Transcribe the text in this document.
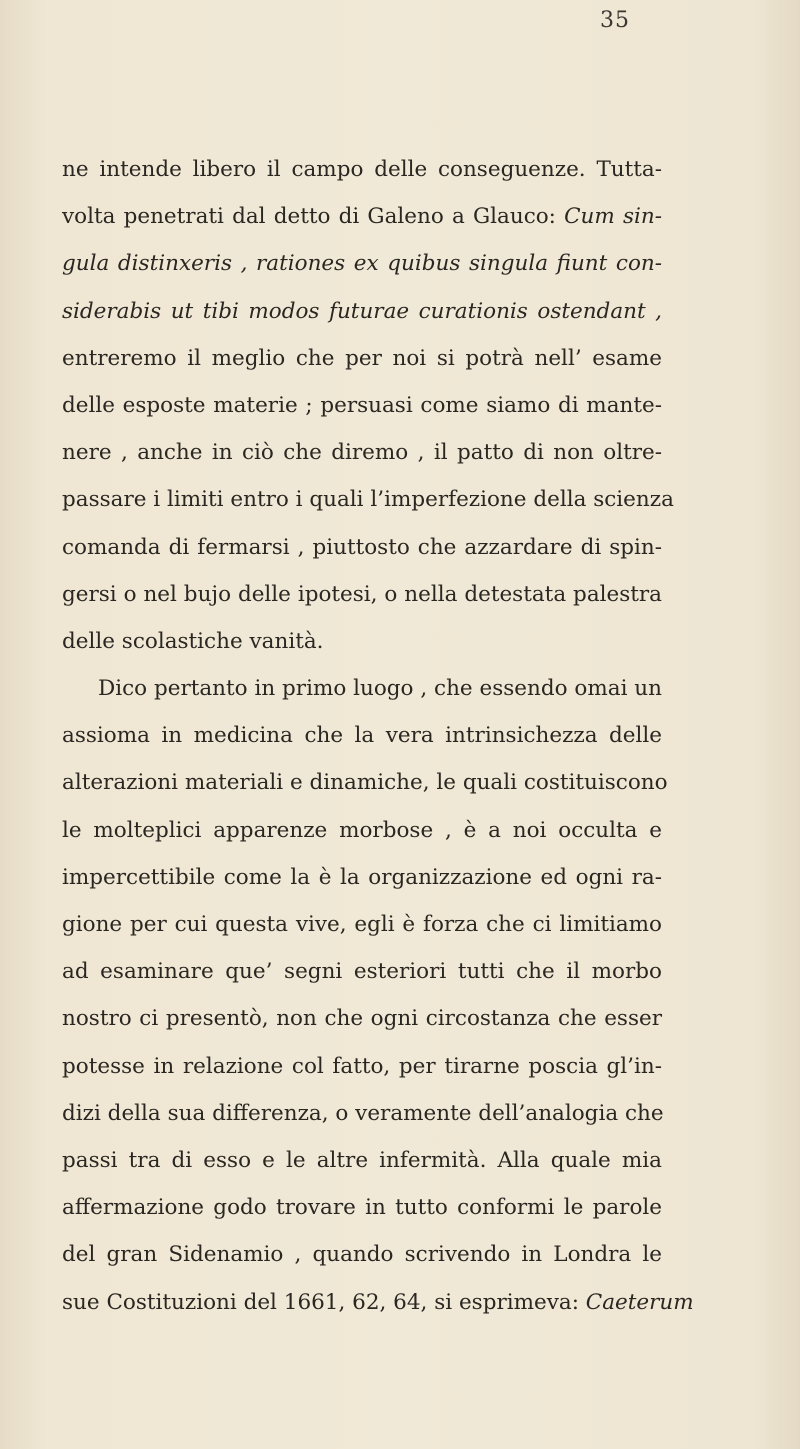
35
ne intende libero il campo delle conseguenze. Tutta-
volta penetrati dal detto di Galeno a Glauco: Cum sin-
gula distinxeris , rationes ex quibus singula fiunt con-
siderabis ut tibi modos futurae curationis ostendant ,
entreremo il meglio che per noi si potrà nell’ esame
delle esposte materie ; persuasi come siamo di mante-
nere , anche in ciò che diremo , il patto di non oltre-
passare i limiti entro i quali l’imperfezione della scienza
comanda di fermarsi , piuttosto che azzardare di spin-
gersi o nel bujo delle ipotesi, o nella detestata palestra
delle scolastiche vanità.
Dico pertanto in primo luogo , che essendo omai un
assioma in medicina che la vera intrinsichezza delle
alterazioni materiali e dinamiche, le quali costituiscono
le molteplici apparenze morbose , è a noi occulta e
impercettibile come la è la organizzazione ed ogni ra-
gione per cui questa vive, egli è forza che ci limitiamo
ad esaminare que’ segni esteriori tutti che il morbo
nostro ci presentò, non che ogni circostanza che esser
potesse in relazione col fatto, per tirarne poscia gl’in-
dizi della sua differenza, o veramente dell’analogia che
passi tra di esso e le altre infermità. Alla quale mia
affermazione godo trovare in tutto conformi le parole
del gran Sidenamio , quando scrivendo in Londra le
sue Costituzioni del 1661, 62, 64, si esprimeva: Caeterum
